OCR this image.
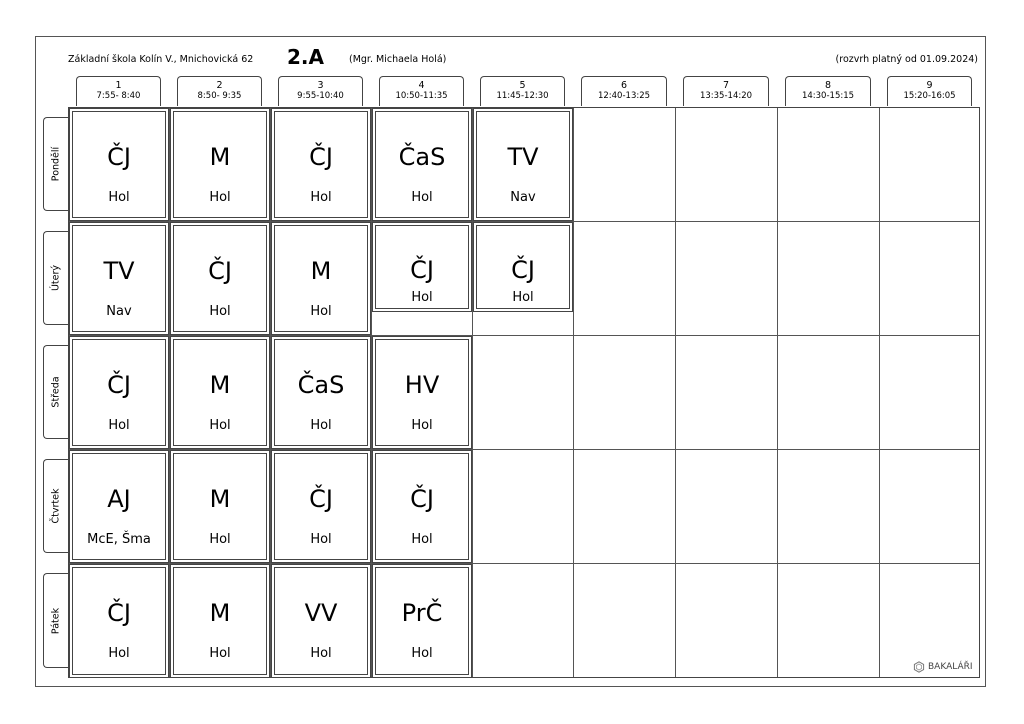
Základní škola Kolín V., Mnichovická 62 2.A	(Mgr. Michaela Holá)	(rozvrh platný od 01.09.2024)
1
7:55- 8:40
2
8:50- 9:35
3
9:55-10:40
4
10:50-11:35
5
11:45-12:30
6
12:40-13:25
7
13:35-14:20
8
14:30-15:15
9
15:20-16:05
Pondělí
Úterý
Středa
Čtvrtek
Pátek
ČJ
Hol
M
Hol
ČJ
Hol
ČaS
Hol
TV
Nav
TV
Nav
ČJ
Hol
M
Hol
ČJ
Hol
ČJ
Hol
ČJ
Hol
M
Hol
ČaS
Hol
HV
Hol
AJ
McE, Šma
M
Hol
ČJ
Hol
ČJ
Hol
ČJ
Hol
M
Hol
VV
Hol
PrČ
Hol
BAKALÁŘI
